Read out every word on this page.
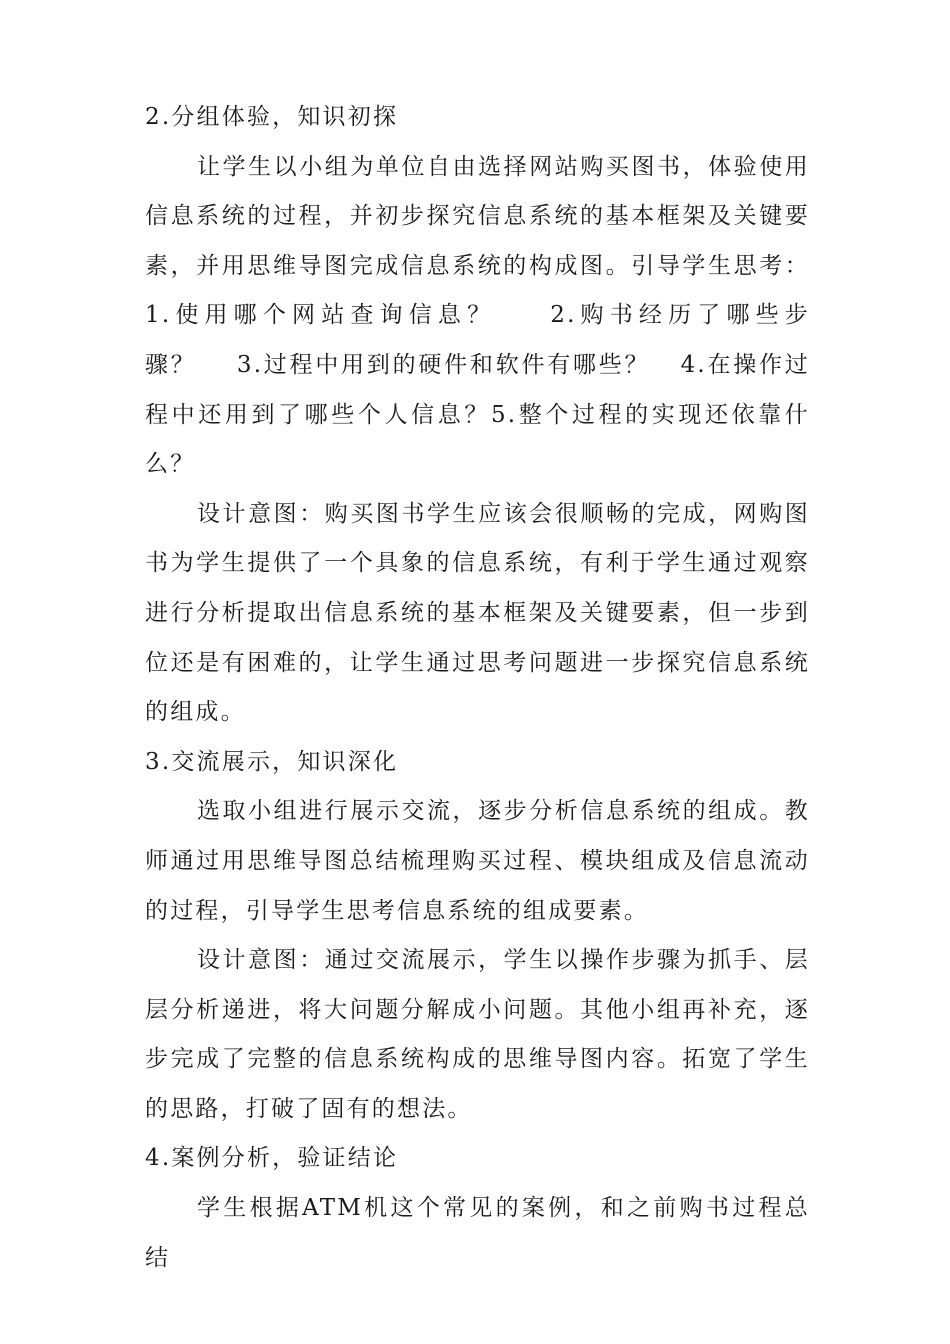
2.分组体验，知识初探

让学生以小组为单位自由选择网站购买图书，体验使用信息系统的过程，并初步探究信息系统的基本框架及关键要素，并用思维导图完成信息系统的构成图。引导学生思考：1.使用哪个网站查询信息？ 2.购书经历了哪些步骤？ 3.过程中用到的硬件和软件有哪些？ 4.在操作过程中还用到了哪些个人信息？5.整个过程的实现还依靠什么？

设计意图：购买图书学生应该会很顺畅的完成，网购图书为学生提供了一个具象的信息系统，有利于学生通过观察进行分析提取出信息系统的基本框架及关键要素，但一步到位还是有困难的，让学生通过思考问题进一步探究信息系统的组成。

3.交流展示，知识深化

选取小组进行展示交流，逐步分析信息系统的组成。教师通过用思维导图总结梳理购买过程、模块组成及信息流动的过程，引导学生思考信息系统的组成要素。

设计意图：通过交流展示，学生以操作步骤为抓手、层层分析递进，将大问题分解成小问题。其他小组再补充，逐步完成了完整的信息系统构成的思维导图内容。拓宽了学生的思路，打破了固有的想法。

4.案例分析，验证结论

学生根据ATM机这个常见的案例，和之前购书过程总结
